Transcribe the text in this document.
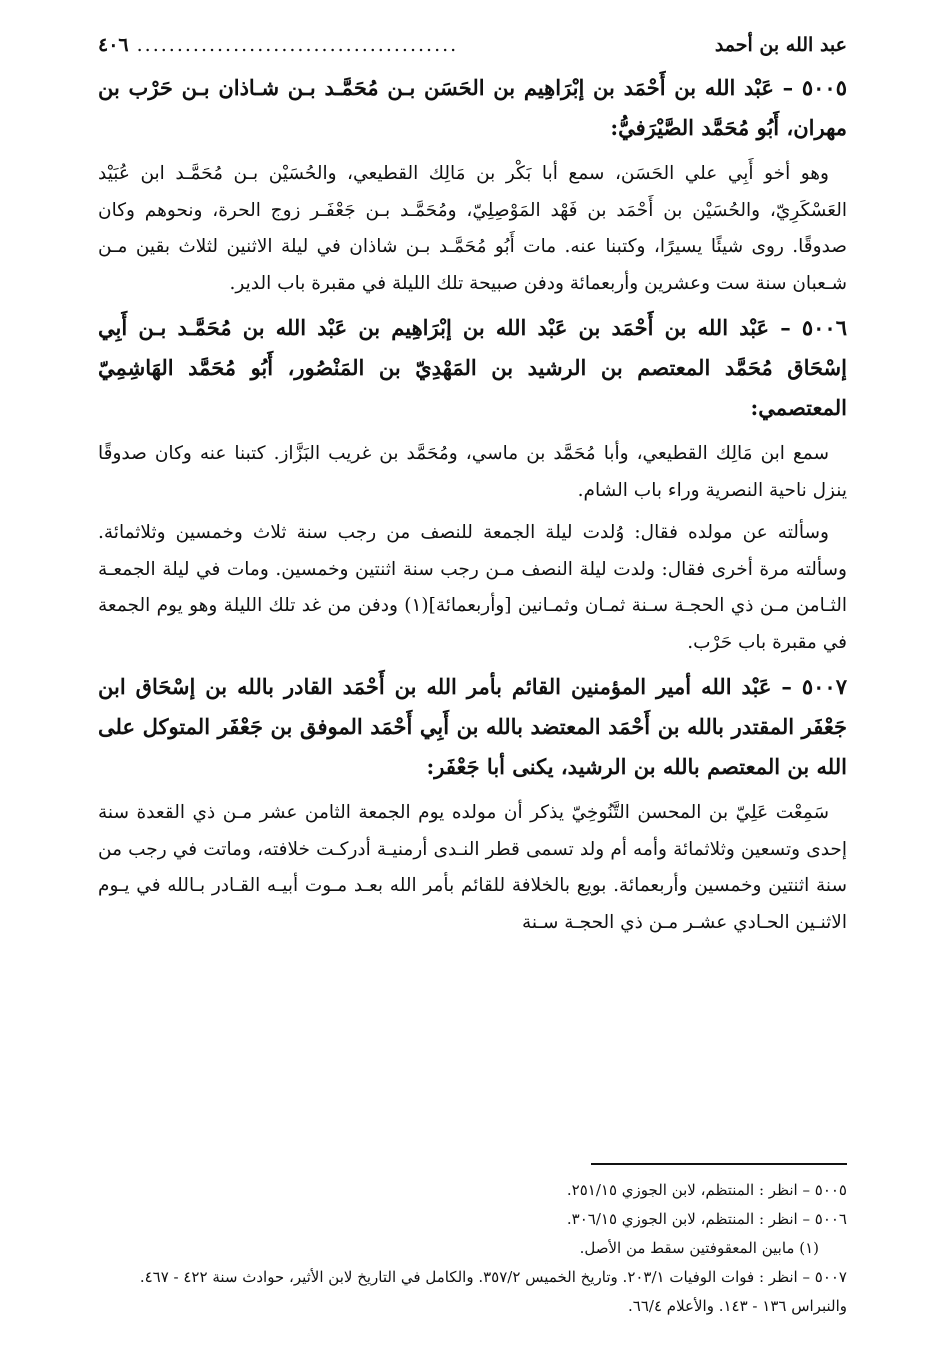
عبد الله بن أحمد
........................................
٤٠٦

٥٠٠٥ – عَبْد الله بن أَحْمَد بن إبْرَاهِيم بن الحَسَن بـن مُحَمَّـد بـن شـاذان بـن حَرْب بن مهران، أَبُو مُحَمَّد الصَّيْرَفيُّ:

وهو أخو أَبِي علي الحَسَن، سمع أبا بَكْر بن مَالِك القطيعي، والحُسَيْن بـن مُحَمَّـد ابن عُبَيْد العَسْكَرِيّ، والحُسَيْن بن أَحْمَد بن فَهْد المَوْصِلِيّ، ومُحَمَّـد بـن جَعْفَـر زوج الحرة، ونحوهم وكان صدوقًا. روى شيئًا يسيرًا، وكتبنا عنه. مات أَبُو مُحَمَّـد بـن شاذان في ليلة الاثنين لثلاث بقين مـن شـعبان سنة ست وعشرين وأربعمائة ودفن صبيحة تلك الليلة في مقبرة باب الدير.

٥٠٠٦ – عَبْد الله بن أَحْمَد بن عَبْد الله بن إبْرَاهِيم بن عَبْد الله بن مُحَمَّـد بـن أَبِي إسْحَاق مُحَمَّد المعتصم بن الرشيد بن المَهْدِيّ بن المَنْصُور، أَبُو مُحَمَّد الهَاشِمِيّ المعتصمي:

سمع ابن مَالِك القطيعي، وأبا مُحَمَّد بن ماسي، ومُحَمَّد بن غريب البَزَّاز. كتبنا عنه وكان صدوقًا ينزل ناحية النصرية وراء باب الشام.

وسألته عن مولده فقال: وُلدت ليلة الجمعة للنصف من رجب سنة ثلاث وخمسين وثلاثمائة. وسألته مرة أخرى فقال: ولدت ليلة النصف مـن رجب سنة اثنتين وخمسين. ومات في ليلة الجمعـة الثـامن مـن ذي الحجـة سـنة ثمـان وثمـانين [وأربعمائة](١) ودفن من غد تلك الليلة وهو يوم الجمعة في مقبرة باب حَرْب.

٥٠٠٧ – عَبْد الله أمير المؤمنين القائم بأمر الله بن أَحْمَد القادر بالله بن إسْحَاق ابن جَعْفَر المقتدر بالله بن أَحْمَد المعتضد بالله بن أَبِي أَحْمَد الموفق بن جَعْفَر المتوكل على الله بن المعتصم بالله بن الرشيد، يكنى أبا جَعْفَر:

سَمِعْت عَلِيّ بن المحسن التَّنُوخِيّ يذكر أن مولده يوم الجمعة الثامن عشر مـن ذي القعدة سنة إحدى وتسعين وثلاثمائة وأمه أم ولد تسمى قطر النـدى أرمنيـة أدركـت خلافته، وماتت في رجب من سنة اثنتين وخمسين وأربعمائة. بويع بالخلافة للقائم بأمر الله بعـد مـوت أبيـه القـادر بـالله في يـوم الاثنـين الحـادي عشـر مـن ذي الحجـة سـنة

٥٠٠٥ – انظر : المنتظم، لابن الجوزي ٢٥١/١٥.

٥٠٠٦ – انظر : المنتظم، لابن الجوزي ٣٠٦/١٥.

(١) مابين المعقوفتين سقط من الأصل.

٥٠٠٧ – انظر : فوات الوفيات ٢٠٣/١. وتاريخ الخميس ٣٥٧/٢. والكامل في التاريخ لابن الأثير، حوادث سنة ٤٢٢ - ٤٦٧. والنبراس ١٣٦ - ١٤٣. والأعلام ٦٦/٤.
